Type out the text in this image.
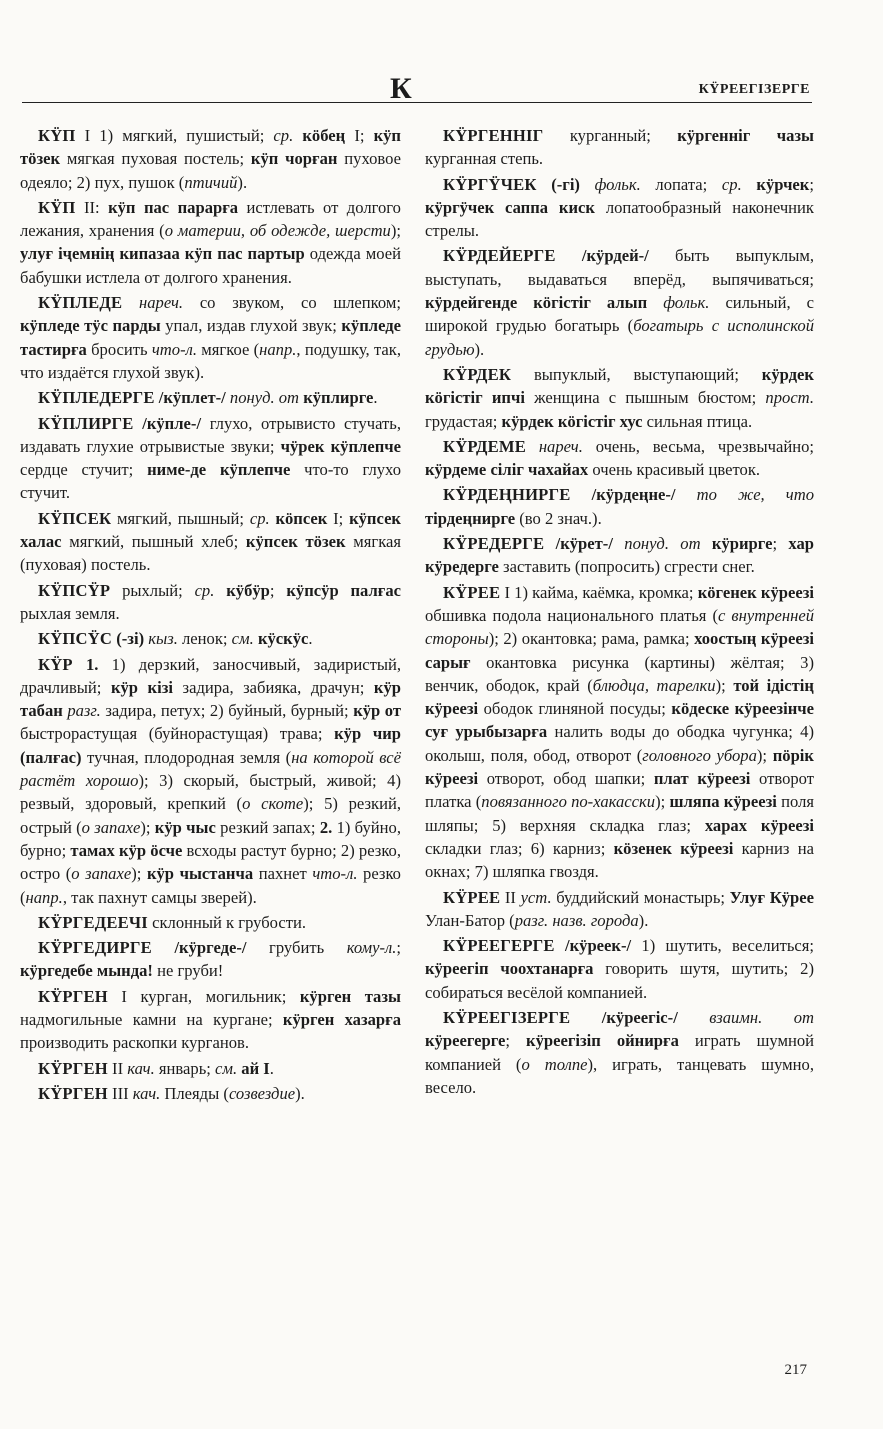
К	КŸРЕЕГІЗЕРГЕ

КŸП I 1) мягкий, пушистый; ср. кöбең I; кÿп тöзек мягкая пуховая постель; кÿп чорған пуховое одеяло; 2) пух, пушок (птичий).

КŸП II: кÿп пас парарға истлевать от долгого лежания, хранения (о материи, об одежде, шерсти); улуғ іҷемнің кипазаа кÿп пас партыр одежда моей бабушки истлела от долгого хранения.

КŸПЛЕДЕ нареч. со звуком, со шлепком; кÿпледе тÿс парды упал, издав глухой звук; кÿпледе тастирға бросить что-л. мягкое (напр., подушку, так, что издаётся глухой звук).

КŸПЛЕДЕРГЕ /кÿплет-/ понуд. от кÿплирге.

КŸПЛИРГЕ /кÿпле-/ глухо, отрывисто стучать, издавать глухие отрывистые звуки; чÿрек кÿплепче сердце стучит; ниме-де кÿплепче что-то глухо стучит.

КŸПСЕК мягкий, пышный; ср. кöпсек I; кÿпсек халас мягкий, пышный хлеб; кÿпсек тöзек мягкая (пуховая) постель.

КŸПСŸР рыхлый; ср. кÿбÿр; кÿпсÿр палғас рыхлая земля.

КŸПСŸС (-зі) кыз. ленок; см. кÿскÿс.

КŸР 1. 1) дерзкий, заносчивый, задиристый, драчливый; кÿр кізі задира, забияка, драчун; кÿр табан разг. задира, петух; 2) буйный, бурный; кÿр от быстрорастущая (буйнорастущая) трава; кÿр чир (палғас) тучная, плодородная земля (на которой всё растёт хорошо); 3) скорый, быстрый, живой; 4) резвый, здоровый, крепкий (о скоте); 5) резкий, острый (о запахе); кÿр чыс резкий запах; 2. 1) буйно, бурно; тамах кÿр öсче всходы растут бурно; 2) резко, остро (о запахе); кÿр чыстанча пахнет что-л. резко (напр., так пахнут самцы зверей).

КŸРГЕДЕЕЧІ склонный к грубости.

КŸРГЕДИРГЕ /кÿргеде-/ грубить кому-л.; кÿргедебе мында! не груби!

КŸРГЕН I курган, могильник; кÿрген тазы надмогильные камни на кургане; кÿрген хазарға производить раскопки курганов.

КŸРГЕН II кач. январь; см. ай I.

КŸРГЕН III кач. Плеяды (созвездие).

КŸРГЕННІГ курганный; кÿргеннiг чазы курганная степь.

КŸРГŸЧЕК (-гі) фольк. лопата; ср. кÿрчек; кÿргÿчек саппа киск лопатообразный наконечник стрелы.

КŸРДЕЙЕРГЕ /кÿрдей-/ быть выпуклым, выступать, выдаваться вперёд, выпячиваться; кÿрдейгенде кöгiстiг алып фольк. сильный, с широкой грудью богатырь (богатырь с исполинской грудью).

КŸРДЕК выпуклый, выступающий; кÿрдек кöгiстiг ипчi женщина с пышным бюстом; прост. грудастая; кÿрдек кöгiстiг хус сильная птица.

КŸРДЕМЕ нареч. очень, весьма, чрезвычайно; кÿрдеме сiлiг чахайах очень красивый цветок.

КŸРДЕҢНИРГЕ /кÿрдеңне-/ то же, что тiрдеңнирге (во 2 знач.).

КŸРЕДЕРГЕ /кÿрет-/ понуд. от кÿрирге; хар кÿредерге заставить (попросить) сгрести снег.

КŸРЕЕ I 1) кайма, каёмка, кромка; кöгенек кÿреезi обшивка подола национального платья (с внутренней стороны); 2) окантовка; рама, рамка; хоостың кÿреезi сарығ окантовка рисунка (картины) жёлтая; 3) венчик, ободок, край (блюдца, тарелки); той iдiстiң кÿреезi ободок глиняной посуды; кöдеске кÿреезiнче суғ урыбызарға налить воды до ободка чугунка; 4) околыш, поля, обод, отворот (головного убора); пöрiк кÿреезi отворот, обод шапки; плат кÿреезi отворот платка (повязанного по-хакасски); шляпа кÿреезi поля шляпы; 5) верхняя складка глаз; харах кÿреезi складки глаз; 6) карниз; кöзенек кÿреезi карниз на окнах; 7) шляпка гвоздя.

КŸРЕЕ II уст. буддийский монастырь; Улуғ Кÿрее Улан-Батор (разг. назв. города).

КŸРЕЕГЕРГЕ /кÿреек-/ 1) шутить, веселиться; кÿреегiп чоохтанарға говорить шутя, шутить; 2) собираться весёлой компанией.

КŸРЕЕГІЗЕРГЕ /кÿреегiс-/ взаимн. от кÿреегерге; кÿреегiзiп ойнирға играть шумной компанией (о толпе), играть, танцевать шумно, весело.

217
